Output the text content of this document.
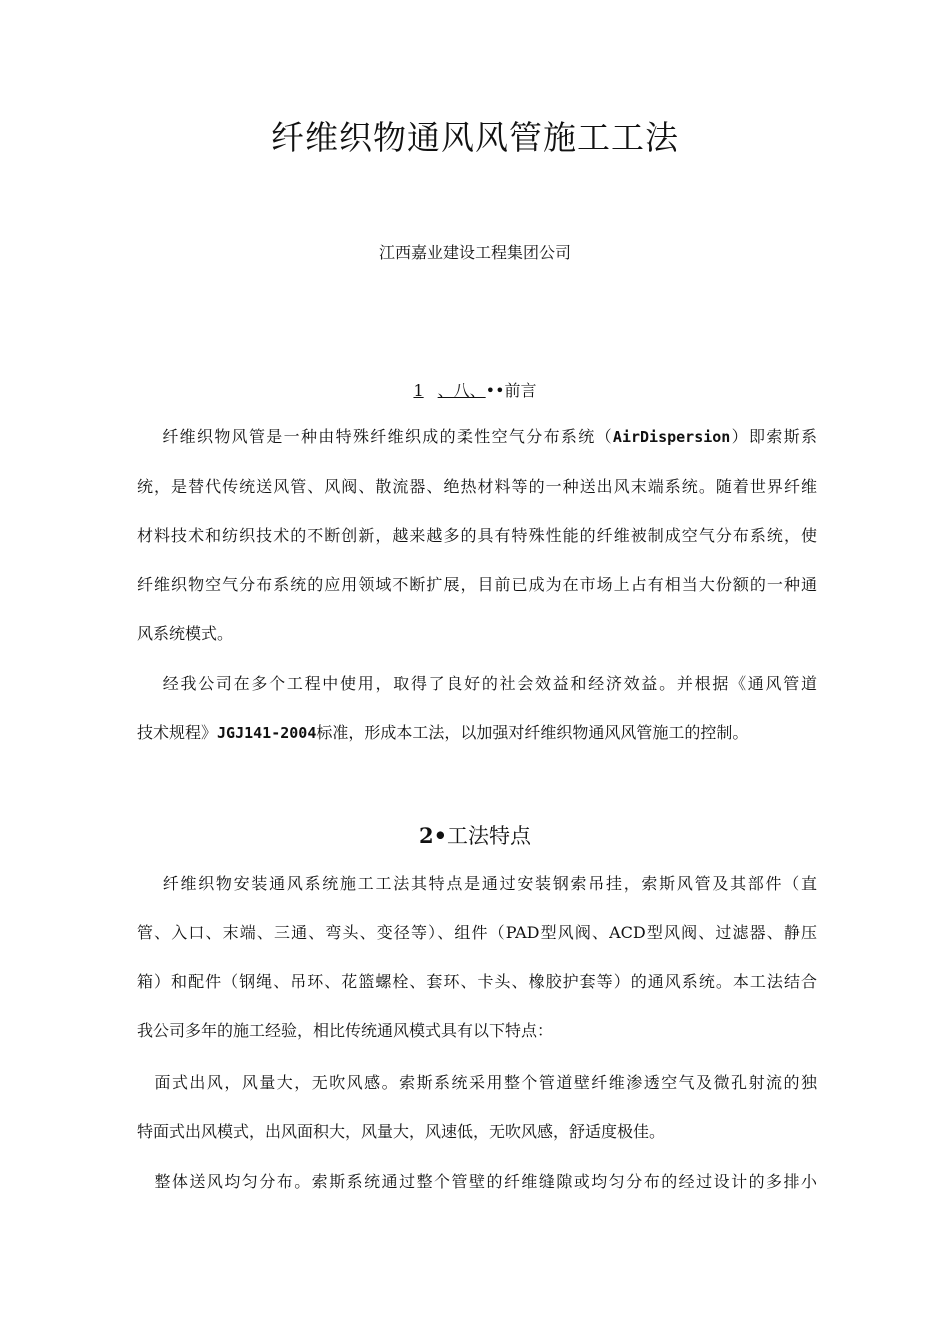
纤维织物通风风管施工工法

江西嘉业建设工程集团公司

1 、八、••前言
  纤维织物风管是一种由特殊纤维织成的柔性空气分布系统（AirDispersion）即索斯系
统，是替代传统送风管、风阀、散流器、绝热材料等的一种送出风末端系统。随着世界纤维
材料技术和纺织技术的不断创新，越来越多的具有特殊性能的纤维被制成空气分布系统，使
纤维织物空气分布系统的应用领域不断扩展，目前已成为在市场上占有相当大份额的一种通
风系统模式。
  经我公司在多个工程中使用，取得了良好的社会效益和经济效益。并根据《通风管道
技术规程》JGJ141-2004标准，形成本工法，以加强对纤维织物通风风管施工的控制。
2•工法特点
  纤维织物安装通风系统施工工法其特点是通过安装钢索吊挂，索斯风管及其部件（直
管、入口、末端、三通、弯头、变径等）、组件（PAD型风阀、ACD型风阀、过滤器、静压
箱）和配件（钢绳、吊环、花篮螺栓、套环、卡头、橡胶护套等）的通风系统。本工法结合
我公司多年的施工经验，相比传统通风模式具有以下特点：
 面式出风，风量大，无吹风感。索斯系统采用整个管道壁纤维渗透空气及微孔射流的独
特面式出风模式，出风面积大，风量大，风速低，无吹风感，舒适度极佳。
 整体送风均匀分布。索斯系统通过整个管壁的纤维缝隙或均匀分布的经过设计的多排小
